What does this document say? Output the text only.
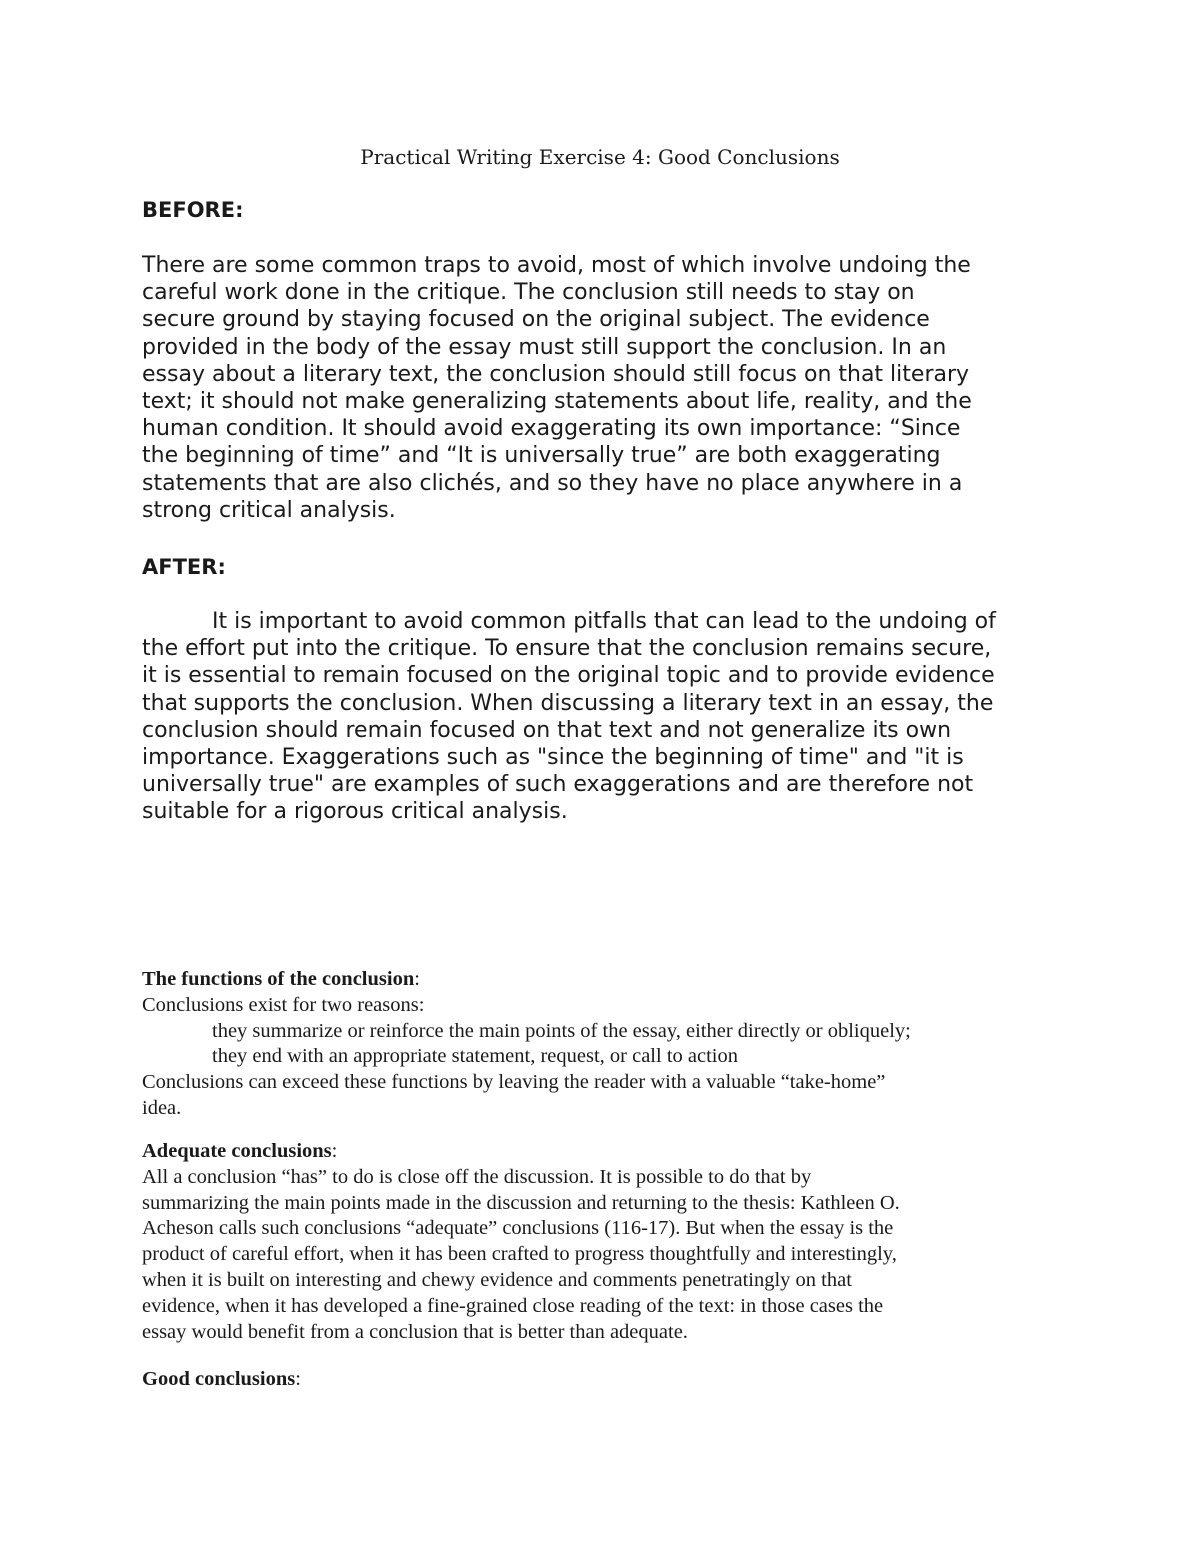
Practical Writing Exercise 4: Good Conclusions
BEFORE:

There are some common traps to avoid, most of which involve undoing the
careful work done in the critique. The conclusion still needs to stay on
secure ground by staying focused on the original subject. The evidence
provided in the body of the essay must still support the conclusion. In an
essay about a literary text, the conclusion should still focus on that literary
text; it should not make generalizing statements about life, reality, and the
human condition. It should avoid exaggerating its own importance: “Since
the beginning of time” and “It is universally true” are both exaggerating
statements that are also clichés, and so they have no place anywhere in a
strong critical analysis.

AFTER:

It is important to avoid common pitfalls that can lead to the undoing of
the effort put into the critique. To ensure that the conclusion remains secure,
it is essential to remain focused on the original topic and to provide evidence
that supports the conclusion. When discussing a literary text in an essay, the
conclusion should remain focused on that text and not generalize its own
importance. Exaggerations such as "since the beginning of time" and "it is
universally true" are examples of such exaggerations and are therefore not
suitable for a rigorous critical analysis.

The functions of the conclusion:
Conclusions exist for two reasons:
they summarize or reinforce the main points of the essay, either directly or obliquely;
they end with an appropriate statement, request, or call to action
Conclusions can exceed these functions by leaving the reader with a valuable “take-home”
idea.
Adequate conclusions:
All a conclusion “has” to do is close off the discussion. It is possible to do that by
summarizing the main points made in the discussion and returning to the thesis: Kathleen O.
Acheson calls such conclusions “adequate” conclusions (116-17). But when the essay is the
product of careful effort, when it has been crafted to progress thoughtfully and interestingly,
when it is built on interesting and chewy evidence and comments penetratingly on that
evidence, when it has developed a fine-grained close reading of the text: in those cases the
essay would benefit from a conclusion that is better than adequate.
Good conclusions:
